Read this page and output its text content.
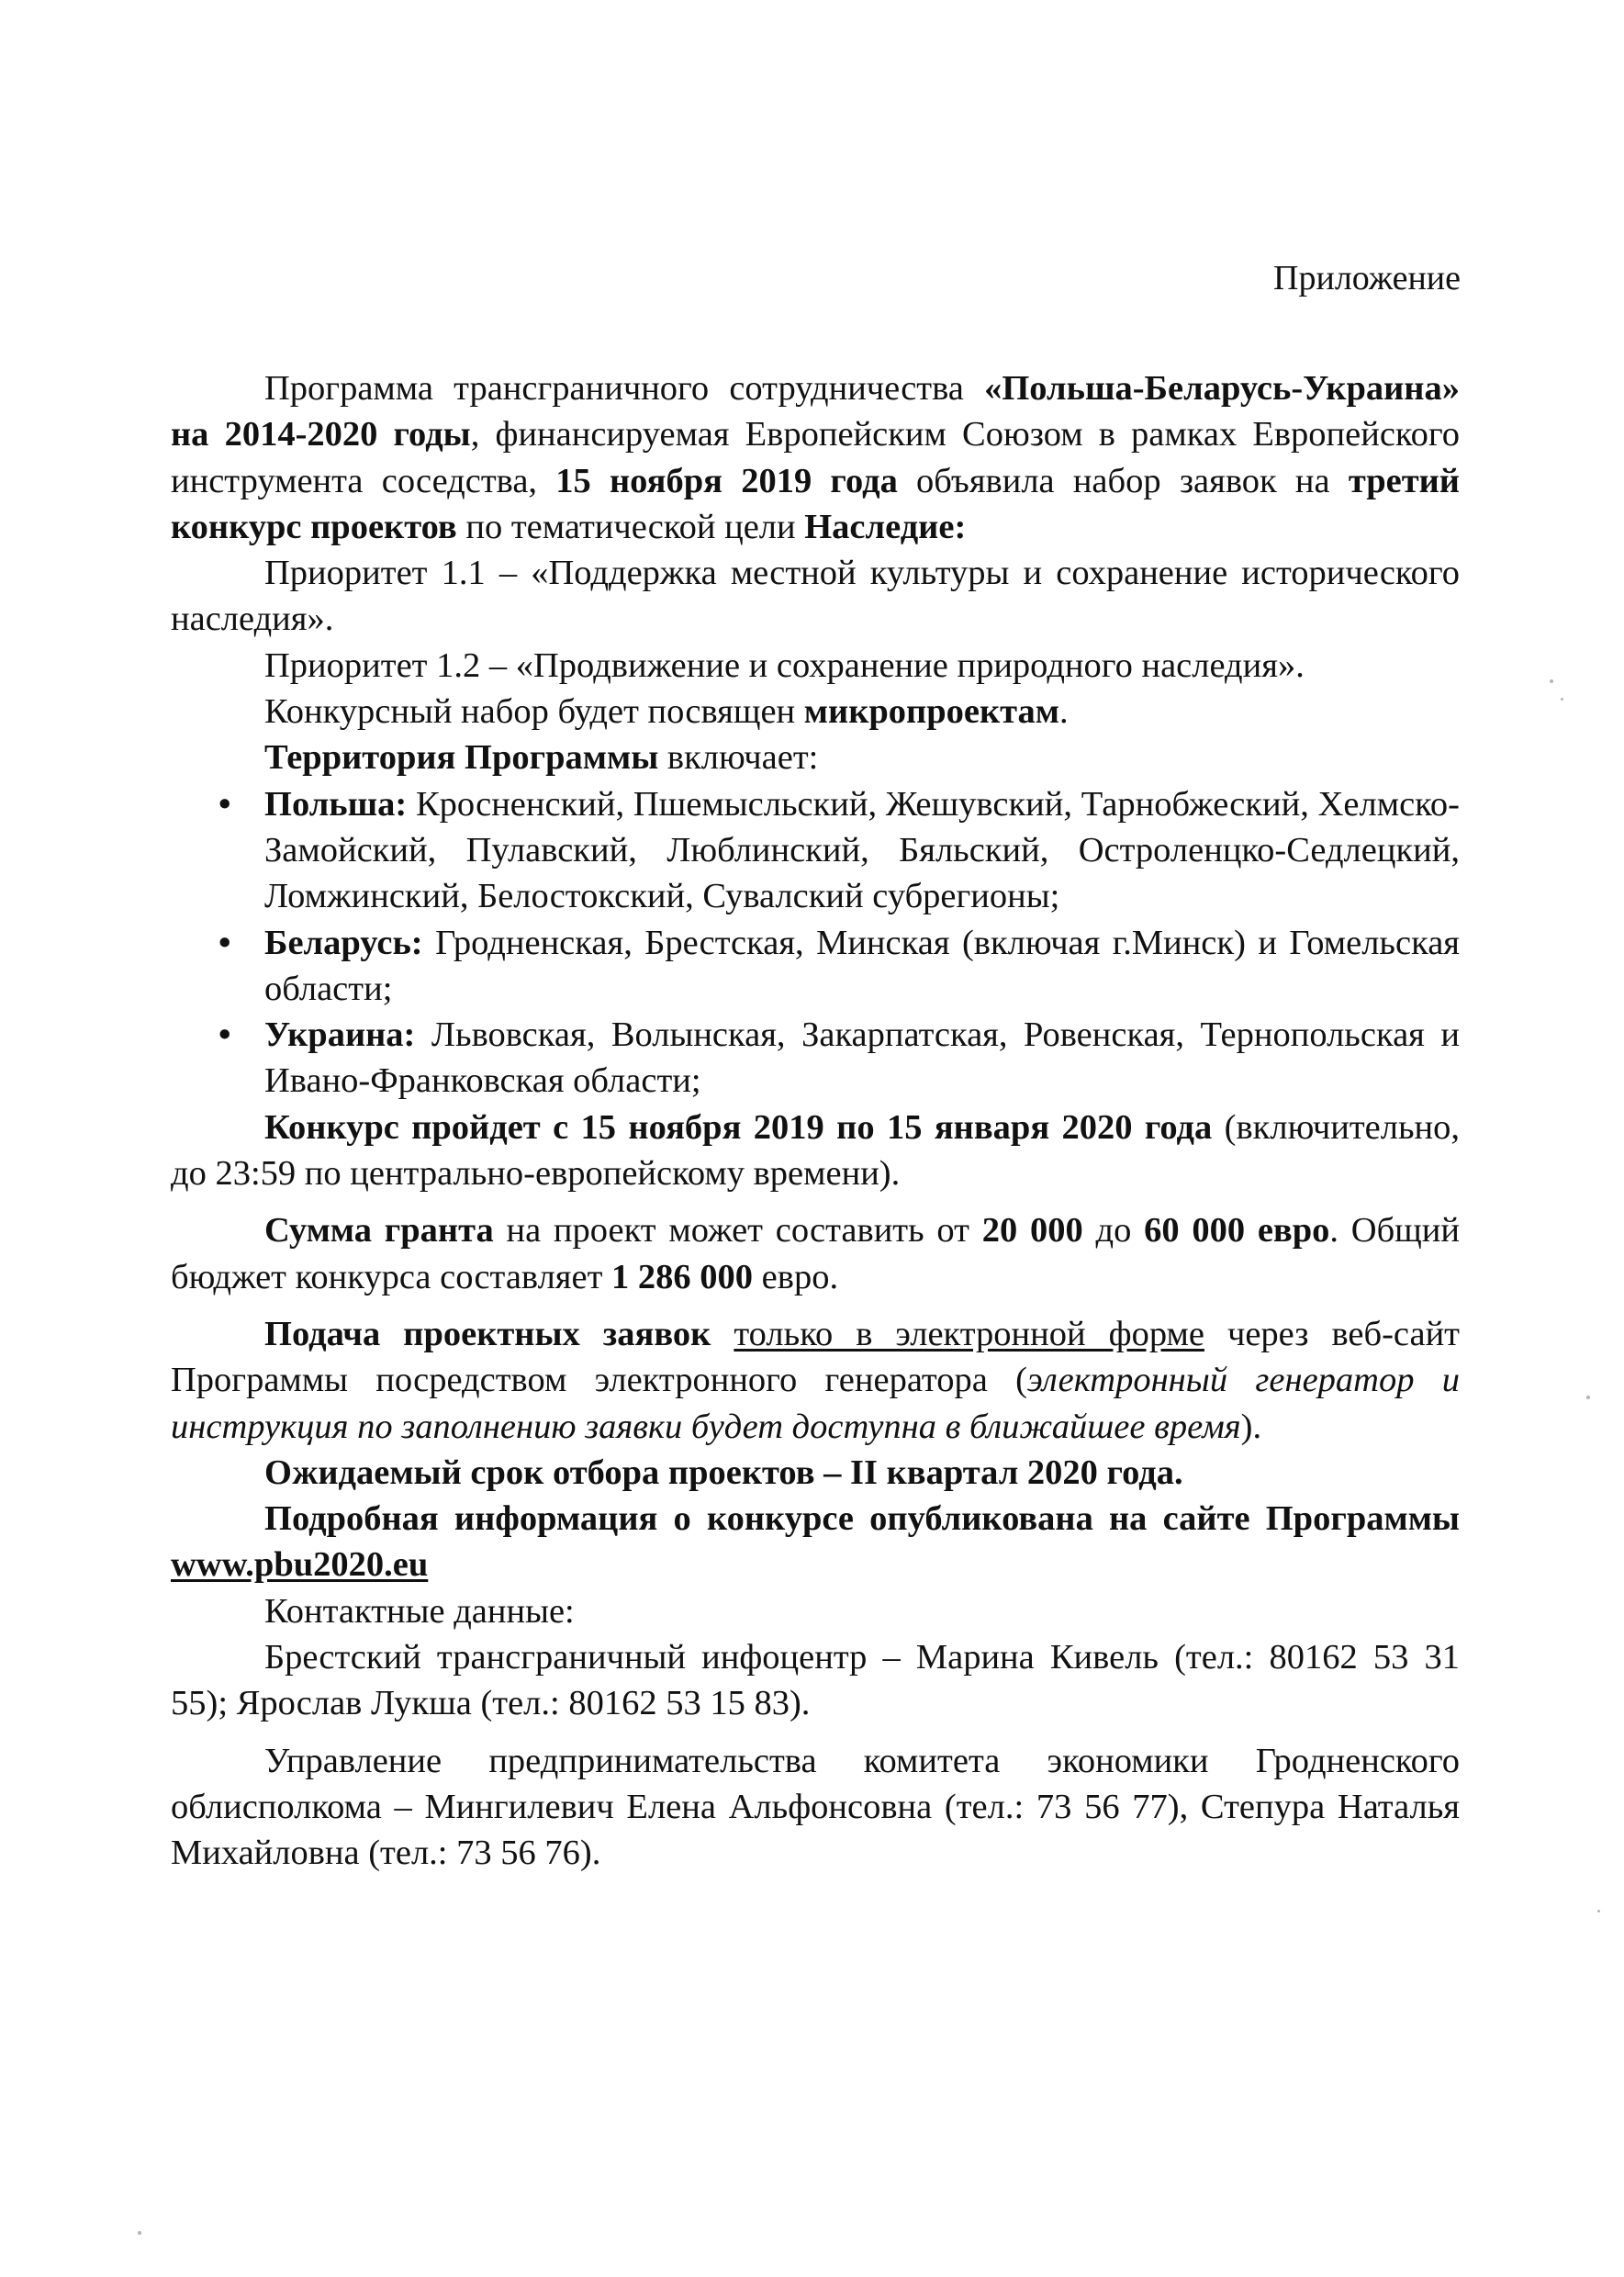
Приложение

Программа трансграничного сотрудничества «Польша-Беларусь-Украина» на 2014-2020 годы, финансируемая Европейским Союзом в рамках Европейского инструмента соседства, 15 ноября 2019 года объявила набор заявок на третий конкурс проектов по тематической цели Наследие:

Приоритет 1.1 – «Поддержка местной культуры и сохранение исторического наследия».

Приоритет 1.2 – «Продвижение и сохранение природного наследия».

Конкурсный набор будет посвящен микропроектам.

Территория Программы включает:

• Польша: Кросненский, Пшемысльский, Жешувский, Тарнобжеский, Хелмско-Замойский, Пулавский, Люблинский, Бяльский, Остроленцко-Седлецкий, Ломжинский, Белостокский, Сувалский субрегионы;
• Беларусь: Гродненская, Брестская, Минская (включая г.Минск) и Гомельская области;
• Украина: Львовская, Волынская, Закарпатская, Ровенская, Тернопольская и Ивано-Франковская области;

Конкурс пройдет с 15 ноября 2019 по 15 января 2020 года (включительно, до 23:59 по центрально-европейскому времени).

Сумма гранта на проект может составить от 20 000 до 60 000 евро. Общий бюджет конкурса составляет 1 286 000 евро.

Подача проектных заявок только в электронной форме через веб-сайт Программы посредством электронного генератора (электронный генератор и инструкция по заполнению заявки будет доступна в ближайшее время).

Ожидаемый срок отбора проектов – II квартал 2020 года.

Подробная информация о конкурсе опубликована на сайте Программы www.pbu2020.eu

Контактные данные:

Брестский трансграничный инфоцентр – Марина Кивель (тел.: 80162 53 31 55); Ярослав Лукша (тел.: 80162 53 15 83).

Управление предпринимательства комитета экономики Гродненского облисполкома – Мингилевич Елена Альфонсовна (тел.: 73 56 77), Степура Наталья Михайловна (тел.: 73 56 76).
